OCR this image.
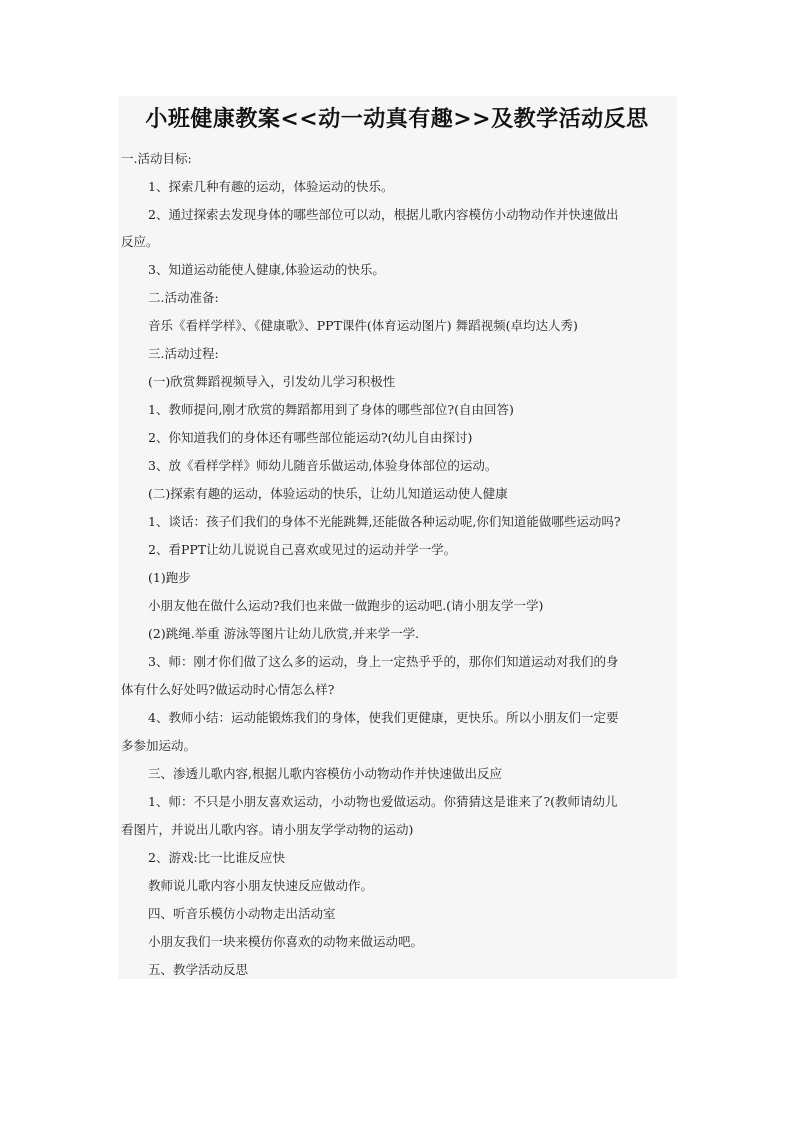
小班健康教案<<动一动真有趣>>及教学活动反思
一.活动目标:
1、探索几种有趣的运动，体验运动的快乐。
2、通过探索去发现身体的哪些部位可以动，根据儿歌内容模仿小动物动作并快速做出
反应。
3、知道运动能使人健康,体验运动的快乐。
二.活动准备:
音乐《看样学样》、《健康歌》、PPT课件(体育运动图片) 舞蹈视频(卓均达人秀)
三.活动过程:
(一)欣赏舞蹈视频导入，引发幼儿学习积极性
1、教师提问,刚才欣赏的舞蹈都用到了身体的哪些部位?(自由回答)
2、你知道我们的身体还有哪些部位能运动?(幼儿自由探讨)
3、放《看样学样》师幼儿随音乐做运动,体验身体部位的运动。
(二)探索有趣的运动，体验运动的快乐，让幼儿知道运动使人健康
1、谈话：孩子们我们的身体不光能跳舞,还能做各种运动呢,你们知道能做哪些运动吗?
2、看PPT让幼儿说说自己喜欢或见过的运动并学一学。
(1)跑步
小朋友他在做什么运动?我们也来做一做跑步的运动吧.(请小朋友学一学)
(2)跳绳.举重 游泳等图片让幼儿欣赏,并来学一学.
3、师：刚才你们做了这么多的运动，身上一定热乎乎的，那你们知道运动对我们的身
体有什么好处吗?做运动时心情怎么样?
4、教师小结：运动能锻炼我们的身体，使我们更健康，更快乐。所以小朋友们一定要
多参加运动。
三、渗透儿歌内容,根据儿歌内容模仿小动物动作并快速做出反应
1、师：不只是小朋友喜欢运动，小动物也爱做运动。你猜猜这是谁来了?(教师请幼儿
看图片，并说出儿歌内容。请小朋友学学动物的运动)
2、游戏:比一比谁反应快
教师说儿歌内容小朋友快速反应做动作。
四、听音乐模仿小动物走出活动室
小朋友我们一块来模仿你喜欢的动物来做运动吧。
五、教学活动反思
